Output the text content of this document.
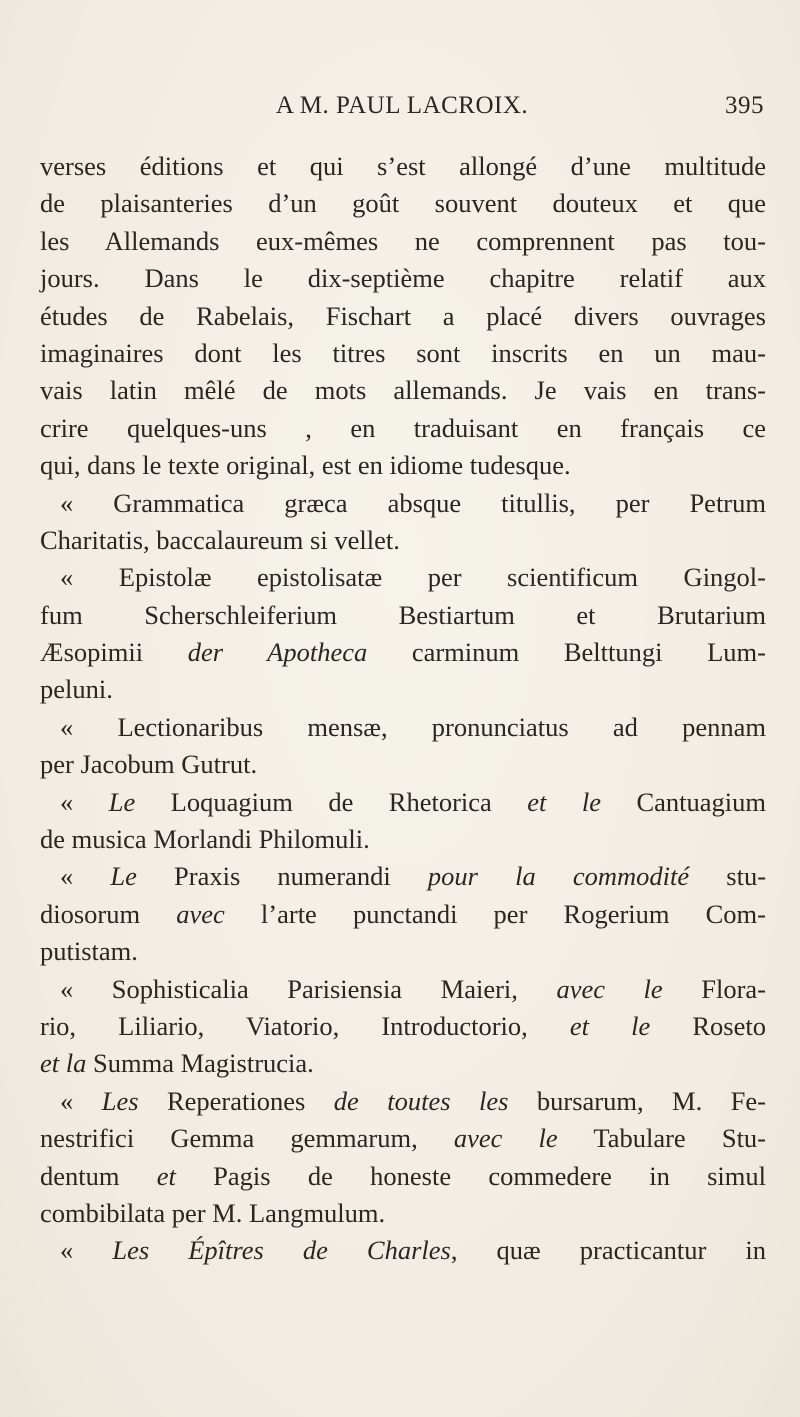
A M. PAUL LACROIX.	395
verses éditions et qui s’est allongé d’une multitude
de plaisanteries d’un goût souvent douteux et que
les Allemands eux-mêmes ne comprennent pas tou-
jours. Dans le dix-septième chapitre relatif aux
études de Rabelais, Fischart a placé divers ouvrages
imaginaires dont les titres sont inscrits en un mau-
vais latin mêlé de mots allemands. Je vais en trans-
crire quelques-uns , en traduisant en français ce
qui, dans le texte original, est en idiome tudesque.
« Grammatica græca absque titullis, per Petrum
Charitatis, baccalaureum si vellet.
« Epistolæ epistolisatæ per scientificum Gingol-
fum Scherschleiferium Bestiartum et Brutarium
Æsopimii der Apotheca carminum Belttungi Lum-
peluni.
« Lectionaribus mensæ, pronunciatus ad pennam
per Jacobum Gutrut.
« Le Loquagium de Rhetorica et le Cantuagium
de musica Morlandi Philomuli.
« Le Praxis numerandi pour la commodité stu-
diosorum avec l’arte punctandi per Rogerium Com-
putistam.
« Sophisticalia Parisiensia Maieri, avec le Flora-
rio, Liliario, Viatorio, Introductorio, et le Roseto
et la Summa Magistrucia.
« Les Reperationes de toutes les bursarum, M. Fe-
nestrifici Gemma gemmarum, avec le Tabulare Stu-
dentum et Pagis de honeste commedere in simul
combibilata per M. Langmulum.
« Les Épîtres de Charles, quæ practicantur in
